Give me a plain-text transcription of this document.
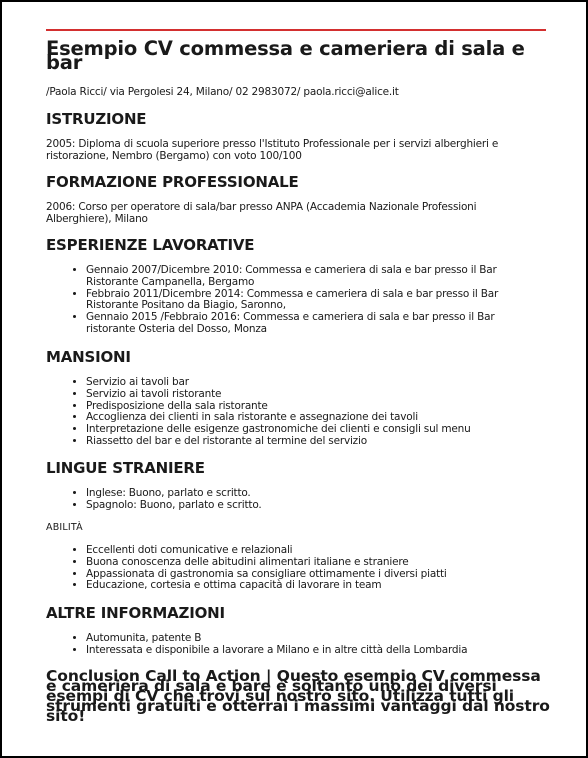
Esempio CV commessa e cameriera di sala e bar
/Paola Ricci/ via Pergolesi 24, Milano/ 02 2983072/ paola.ricci@alice.it
ISTRUZIONE
2005: Diploma di scuola superiore presso l'Istituto Professionale per i servizi alberghieri e ristorazione, Nembro (Bergamo) con voto 100/100
FORMAZIONE PROFESSIONALE
2006: Corso per operatore di sala/bar presso ANPA (Accademia Nazionale Professioni Alberghiere), Milano
ESPERIENZE LAVORATIVE
• Gennaio 2007/Dicembre 2010: Commessa e cameriera di sala e bar presso il Bar Ristorante Campanella, Bergamo
• Febbraio 2011/Dicembre 2014: Commessa e cameriera di sala e bar presso il Bar Ristorante Positano da Biagio, Saronno,
• Gennaio 2015 /Febbraio 2016: Commessa e cameriera di sala e bar presso il Bar ristorante Osteria del Dosso, Monza
MANSIONI
• Servizio ai tavoli bar
• Servizio ai tavoli ristorante
• Predisposizione della sala ristorante
• Accoglienza dei clienti in sala ristorante e assegnazione dei tavoli
• Interpretazione delle esigenze gastronomiche dei clienti e consigli sul menu
• Riassetto del bar e del ristorante al termine del servizio
LINGUE STRANIERE
• Inglese: Buono, parlato e scritto.
• Spagnolo: Buono, parlato e scritto.
ABILITÀ
• Eccellenti doti comunicative e relazionali
• Buona conoscenza delle abitudini alimentari italiane e straniere
• Appassionata di gastronomia sa consigliare ottimamente i diversi piatti
• Educazione, cortesia e ottima capacità di lavorare in team
ALTRE INFORMAZIONI
• Automunita, patente B
• Interessata e disponibile a lavorare a Milano e in altre città della Lombardia
Conclusion Call to Action | Questo esempio CV commessa e cameriera di sala e bare è soltanto uno dei diversi esempi di CV che trovi sul nostro sito. Utilizza tutti gli strumenti gratuiti e otterrai i massimi vantaggi dal nostro sito!
